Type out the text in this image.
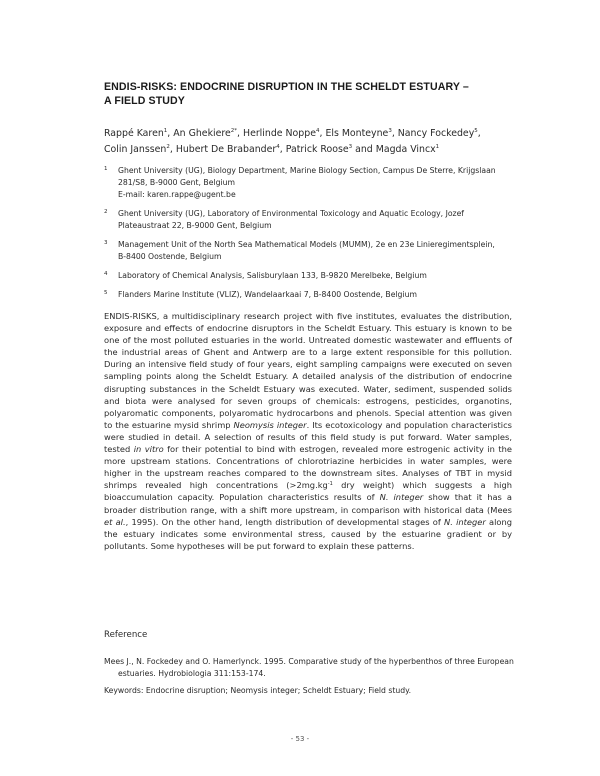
ENDIS-RISKS: ENDOCRINE DISRUPTION IN THE SCHELDT ESTUARY –
A FIELD STUDY
Rappé Karen$^1$, An Ghekiere$^{2*}$, Herlinde Noppe$^4$, Els Monteyne$^3$, Nancy Fockedey$^5$,
Colin Janssen$^2$, Hubert De Brabander$^4$, Patrick Roose$^3$ and Magda Vincx$^1$
1 Ghent University (UG), Biology Department, Marine Biology Section, Campus De Sterre, Krijgslaan 281/S8, B-9000 Gent, Belgium
E-mail: karen.rappe@ugent.be
2 Ghent University (UG), Laboratory of Environmental Toxicology and Aquatic Ecology, Jozef Plateaustraat 22, B-9000 Gent, Belgium
3 Management Unit of the North Sea Mathematical Models (MUMM), 2e en 23e Linieregimentsplein, B-8400 Oostende, Belgium
4 Laboratory of Chemical Analysis, Salisburylaan 133, B-9820 Merelbeke, Belgium
5 Flanders Marine Institute (VLIZ), Wandelaarkaai 7, B-8400 Oostende, Belgium
ENDIS-RISKS, a multidisciplinary research project with five institutes, evaluates the distribution, exposure and effects of endocrine disruptors in the Scheldt Estuary. This estuary is known to be one of the most polluted estuaries in the world. Untreated domestic wastewater and effluents of the industrial areas of Ghent and Antwerp are to a large extent responsible for this pollution. During an intensive field study of four years, eight sampling campaigns were executed on seven sampling points along the Scheldt Estuary. A detailed analysis of the distribution of endocrine disrupting substances in the Scheldt Estuary was executed. Water, sediment, suspended solids and biota were analysed for seven groups of chemicals: estrogens, pesticides, organotins, polyaromatic components, polyaromatic hydrocarbons and phenols. Special attention was given to the estuarine mysid shrimp Neomysis integer. Its ecotoxicology and population characteristics were studied in detail. A selection of results of this field study is put forward. Water samples, tested in vitro for their potential to bind with estrogen, revealed more estrogenic activity in the more upstream stations. Concentrations of chlorotriazine herbicides in water samples, were higher in the upstream reaches compared to the downstream sites. Analyses of TBT in mysid shrimps revealed high concentrations ($>2mg.kg^{-1}$ dry weight) which suggests a high bioaccumulation capacity. Population characteristics results of N. integer show that it has a broader distribution range, with a shift more upstream, in comparison with historical data (Mees et al., 1995). On the other hand, length distribution of developmental stages of N. integer along the estuary indicates some environmental stress, caused by the estuarine gradient or by pollutants. Some hypotheses will be put forward to explain these patterns.
Reference
Mees J., N. Fockedey and O. Hamerlynck. 1995. Comparative study of the hyperbenthos of three European estuaries. Hydrobiologia 311:153-174.
Keywords: Endocrine disruption; Neomysis integer; Scheldt Estuary; Field study.
- 53 -
